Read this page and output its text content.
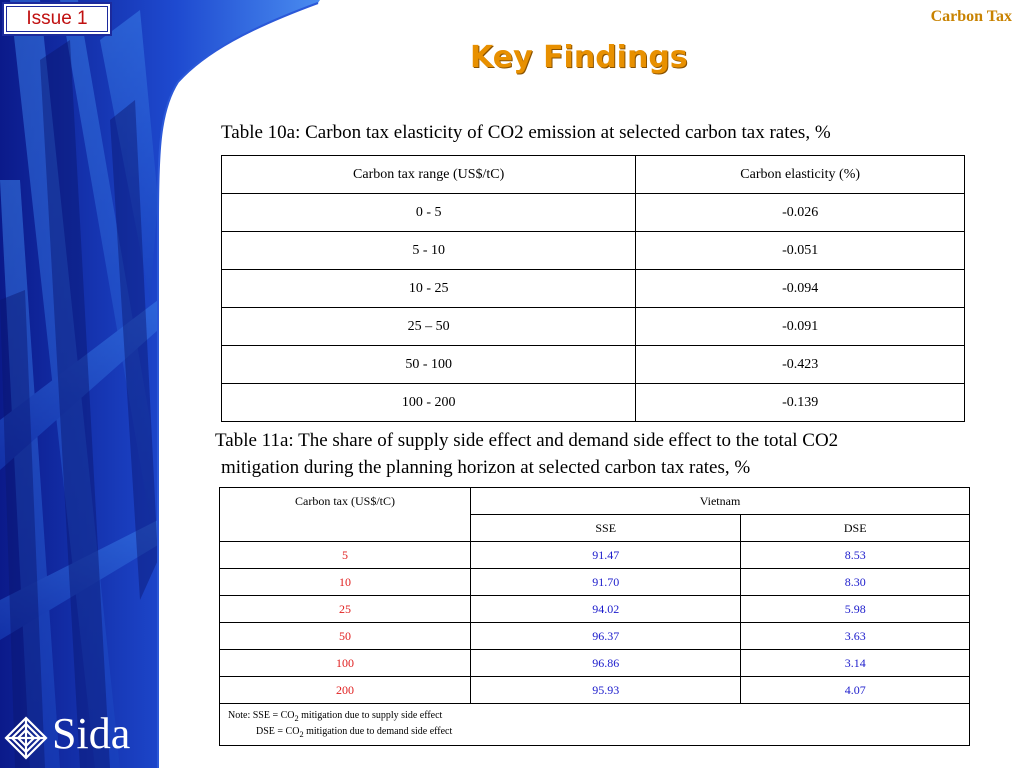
Issue 1	Carbon Tax
Key Findings

Table 10a: Carbon tax elasticity of CO2 emission at selected carbon tax rates, %

Carbon tax range (US$/tC)	Carbon elasticity (%)
0 - 5	-0.026
5 - 10	-0.051
10 - 25	-0.094
25 – 50	-0.091
50 - 100	-0.423
100 - 200	-0.139

Table 11a: The share of supply side effect and demand side effect to the total CO2

mitigation during the planning horizon at selected carbon tax rates, %

Carbon tax (US$/tC)	Vietnam	
	SSE	DSE
5	91.47	8.53
10	91.70	8.30
25	94.02	5.98
50	96.37	3.63
100	96.86	3.14
200	95.93	4.07
Note: SSE = $CO_2$ mitigation due to supply side effect
DSE = $CO_2$ mitigation due to demand side effect		
Sida
